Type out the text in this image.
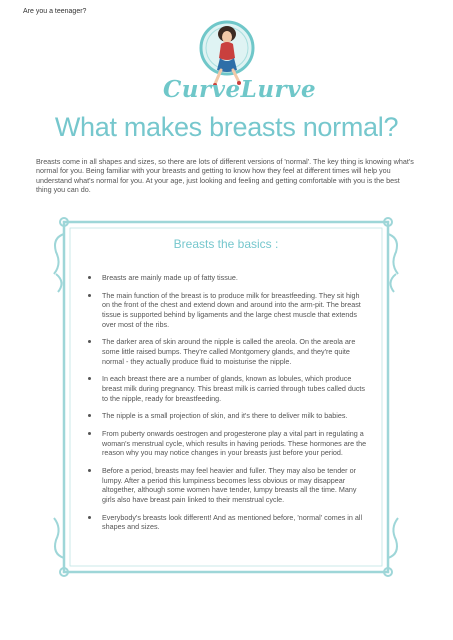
Are you a teenager?
CurveLurve
What makes breasts normal?
Breasts come in all shapes and sizes, so there are lots of different versions of 'normal'. The key thing is knowing what's normal for you. Being familiar with your breasts and getting to know how they feel at different times will help you understand what's normal for you. At your age, just looking and feeling and getting comfortable with you is the best thing you can do.
Breasts the basics :
Breasts are mainly made up of fatty tissue.
The main function of the breast is to produce milk for breastfeeding. They sit high on the front of the chest and extend down and around into the arm-pit. The breast tissue is supported behind by ligaments and the large chest muscle that extends over most of the ribs.
The darker area of skin around the nipple is called the areola. On the areola are some little raised bumps. They're called Montgomery glands, and they're quite normal - they actually produce fluid to moisturise the nipple.
In each breast there are a number of glands, known as lobules, which produce breast milk during pregnancy. This breast milk is carried through tubes called ducts to the nipple, ready for breastfeeding.
The nipple is a small projection of skin, and it's there to deliver milk to babies.
From puberty onwards oestrogen and progesterone play a vital part in regulating a woman's menstrual cycle, which results in having periods. These hormones are the reason why you may notice changes in your breasts just before your period.
Before a period, breasts may feel heavier and fuller. They may also be tender or lumpy. After a period this lumpiness becomes less obvious or may disappear altogether, although some women have tender, lumpy breasts all the time. Many girls also have breast pain linked to their menstrual cycle.
Everybody's breasts look different! And as mentioned before, 'normal' comes in all shapes and sizes.
